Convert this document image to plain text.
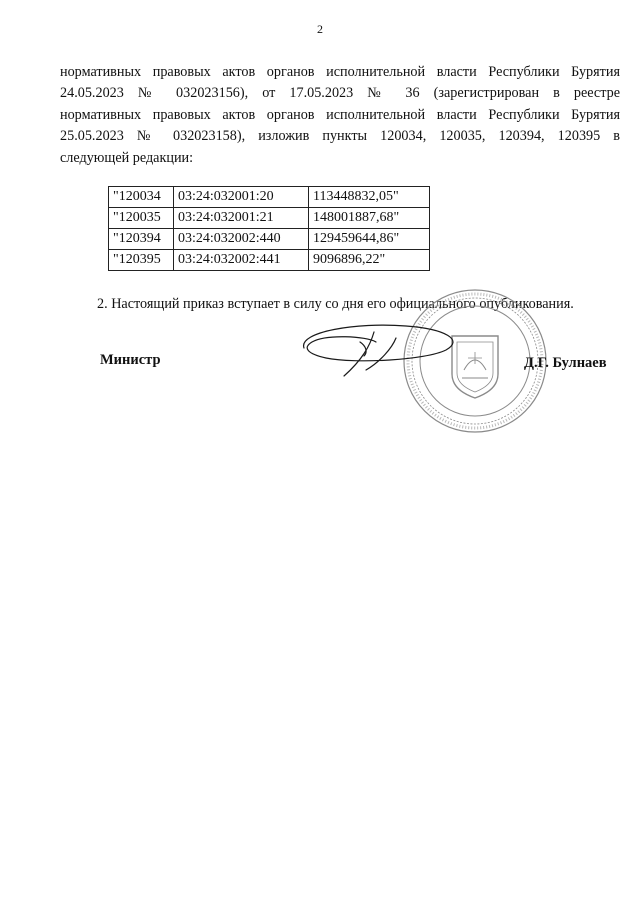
2
нормативных правовых актов органов исполнительной власти Республики Бурятия
24.05.2023 № 032023156), от 17.05.2023 № 36 (зарегистрирован в реестре
нормативных правовых актов органов исполнительной власти Республики Бурятия
25.05.2023 № 032023158), изложив пункты 120034, 120035, 120394, 120395 в
следующей редакции:
"120034	03:24:032001:20	113448832,05"
"120035	03:24:032001:21	148001887,68"
"120394	03:24:032002:440	129459644,86"
"120395	03:24:032002:441	9096896,22"
2. Настоящий приказ вступает в силу со дня его официального опубликования.
Министр	Д.Г. Булнаев
